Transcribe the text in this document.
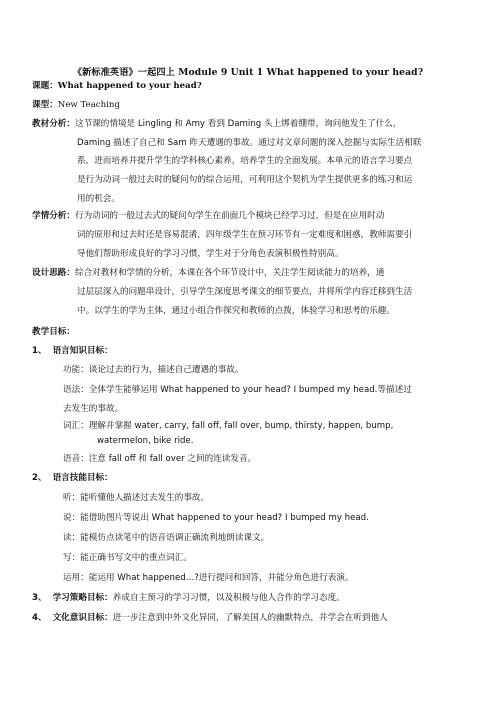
《新标准英语》一起四上 Module 9 Unit 1 What happened to your head?
课题：What happened to your head?
课型：New Teaching
教材分析：这节课的情境是 Lingling 和 Amy 看到 Daming 头上绑着绷带，询问他发生了什么，
Daming 描述了自己和 Sam 昨天遭遇的事故。通过对文章问题的深入挖掘与实际生活相联
系，进而培养并提升学生的学科核心素养，培养学生的全面发展。本单元的语言学习要点
是行为动词一般过去时的疑问句的综合运用，可利用这个契机为学生提供更多的练习和运
用的机会。
学情分析：行为动词的一般过去式的疑问句学生在前面几个模块已经学习过，但是在应用时动
词的原形和过去时还是容易混淆，四年级学生在预习环节有一定难度和困惑，教师需要引
导他们帮助形成良好的学习习惯，学生对于分角色表演积极性特别高。
设计思路：综合对教材和学情的分析，本课在各个环节设计中，关注学生阅读能力的培养，通
过层层深入的问题串设计，引导学生深度思考课文的细节要点，并将所学内容迁移到生活
中。以学生的学为主体，通过小组合作探究和教师的点拨，体验学习和思考的乐趣。
教学目标：
1、 语言知识目标：
功能：谈论过去的行为，描述自己遭遇的事故。
语法：全体学生能够运用 What happened to your head? I bumped my head.等描述过
去发生的事故。
词汇：理解并掌握 water, carry, fall off, fall over, bump, thirsty, happen, bump,
watermelon, bike ride.
语音：注意 fall off 和 fall over 之间的连读发音。
2、 语言技能目标：
听：能听懂他人描述过去发生的事故。
说：能借助图片等说出 What happened to your head? I bumped my head.
读：能模仿点读笔中的语音语调正确流利地朗读课文。
写：能正确书写文中的重点词汇。
运用：能运用 What happened…?进行提问和回答，并能分角色进行表演。
3、 学习策略目标：养成自主预习的学习习惯，以及积极与他人合作的学习态度。
4、 文化意识目标：进一步注意到中外文化异同，了解美国人的幽默特点，并学会在听到他人
